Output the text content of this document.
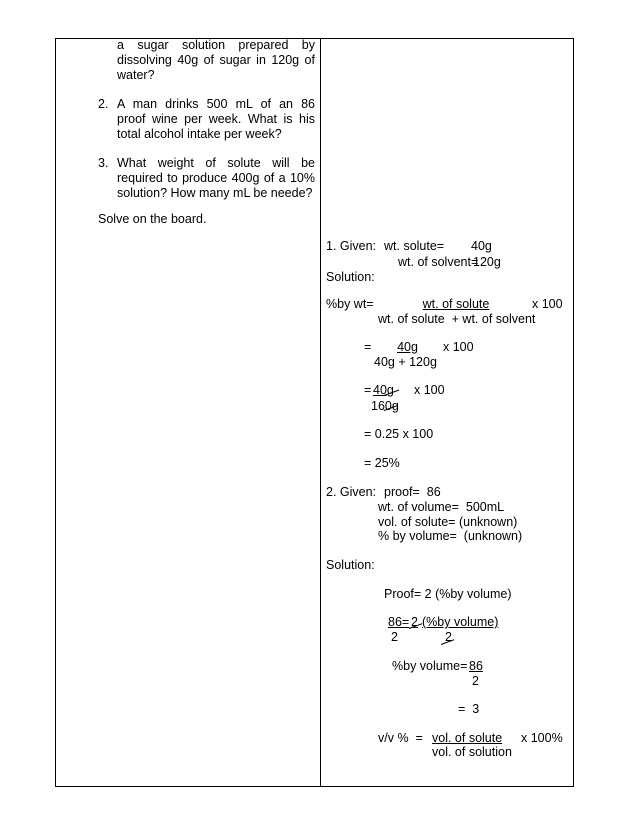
a sugar solution prepared by
dissolving 40g of sugar in 120g of
water?
2. A man drinks 500 mL of an 86
proof wine per week. What is his
total alcohol intake per week?
3. What weight of solute will be
required to produce 400g of a 10%
solution? How many mL be neede?
Solve on the board.
1. Given: wt. solute= 40g
wt. of solvent=
120g
Solution:
%by wt=	wt. of solute	x 100
wt. of solute  + wt. of solvent
=	40g	x 100
40g + 120g
= 40g x 100
160g
= 0.25 x 100
= 25%
2. Given: proof=  86
wt. of volume=  500mL
vol. of solute= (unknown)
% by volume=  (unknown)
Solution:
Proof= 2 (%by volume)
86= 2 (%by volume)
2	2
%by volume= 86
2
=  3
v/v %  = vol. of solute x 100%
vol. of solution
